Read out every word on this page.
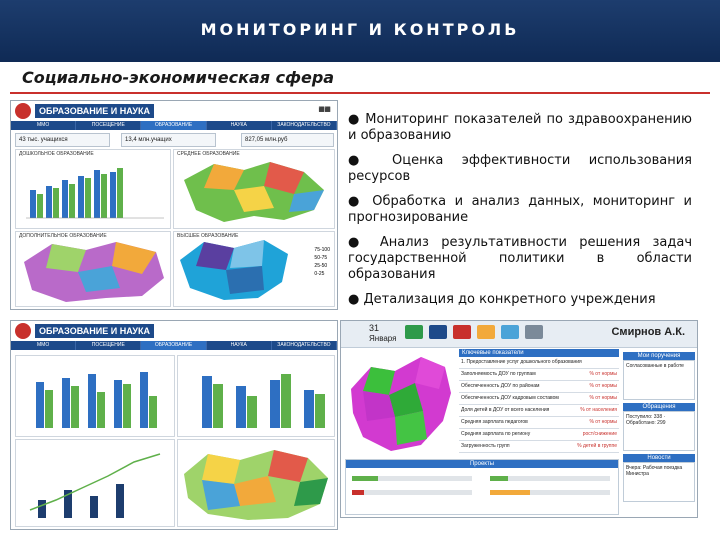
МОНИТОРИНГ И КОНТРОЛЬ
Социально-экономическая сфера
ОБРАЗОВАНИЕ И НАУКА	⬛⬛
ММО	ПОСЕЩЕНИЕ	ОБРАЗОВАНИЕ	НАУКА	ЗАКОНОДАТЕЛЬСТВО
43 тыс. учащихся	13,4 млн.учащих	827,05 млн.руб
ДОШКОЛЬНОЕ ОБРАЗОВАНИЕ	СРЕДНЕЕ ОБРАЗОВАНИЕ
ДОПОЛНИТЕЛЬНОЕ ОБРАЗОВАНИЕ	ВЫСШЕЕ ОБРАЗОВАНИЕ
75-100
50-75
25-50
0-25
● Мониторинг показателей по здравоохранению и образованию
● Оценка эффективности использования ресурсов
● Обработка и анализ данных, мониторинг и прогнозирование
● Анализ результативности решения задач государственной политики в области образования
● Детализация до конкретного учреждения
ОБРАЗОВАНИЕ И НАУКА
ММО	ПОСЕЩЕНИЕ	ОБРАЗОВАНИЕ	НАУКА	ЗАКОНОДАТЕЛЬСТВО
31
Января
Смирнов А.К.
Ключевые показатели
1. Предоставление услуг дошкольного образования
Заполняемость ДОУ по группам	% от нормы
Обеспеченность ДОУ по районам	% от нормы
Обеспеченность ДОУ кадровым составом	% от нормы
Доля детей в ДОУ от всего населения	% от населения
Средняя зарплата педагогов	% от нормы
Средняя зарплата по региону	рост/снижение
Загруженность групп	% детей в группе
Мои поручения
Согласованные в работе
Обращения
Поступило: 338 · Обработано: 299
Новости
Вчера: Рабочая поездка Министра
Проекты
